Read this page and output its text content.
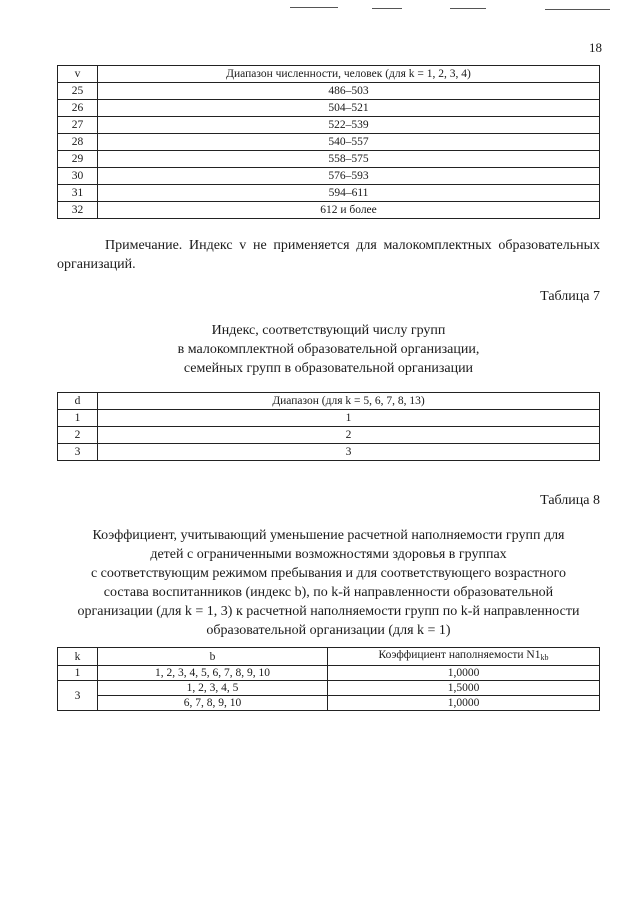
18
v	Диапазон численности, человек (для k = 1, 2, 3, 4)
25	486–503
26	504–521
27	522–539
28	540–557
29	558–575
30	576–593
31	594–611
32	612 и более
Примечание. Индекс v не применяется для малокомплектных образовательных организаций.
Таблица 7
Индекс, соответствующий числу групп
в малокомплектной образовательной организации,
семейных групп в образовательной организации
d	Диапазон (для k = 5, 6, 7, 8, 13)
1	1
2	2
3	3
Таблица 8
Коэффициент, учитывающий уменьшение расчетной наполняемости групп для
детей с ограниченными возможностями здоровья в группах
с соответствующим режимом пребывания и для соответствующего возрастного
состава воспитанников (индекс b), по k-й направленности образовательной
организации (для k = 1, 3) к расчетной наполняемости групп по k-й направленности
образовательной организации (для k = 1)
k	b	Коэффициент наполняемости $N1_{kb}$
1	1, 2, 3, 4, 5, 6, 7, 8, 9, 10	1,0000
3	1, 2, 3, 4, 5	1,5000
	6, 7, 8, 9, 10	1,0000
